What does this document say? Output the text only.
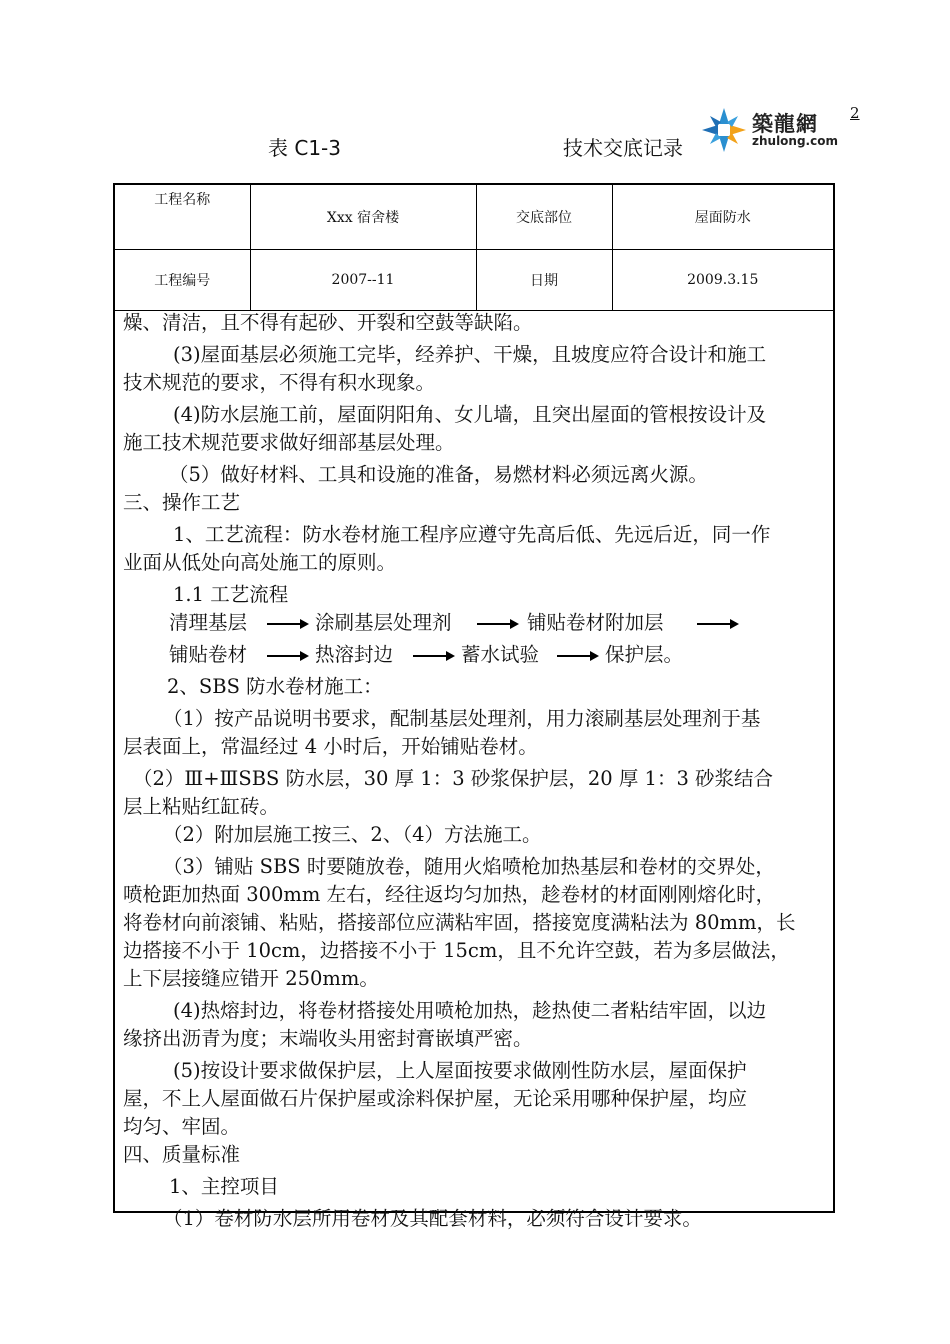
2
築龍網
zhulong.com
表 C1-3	技术交底记录
工程名称	Xxx 宿舍楼	交底部位	屋面防水
工程编号	2007--11	日期	2009.3.15
燥、清洁，且不得有起砂、开裂和空鼓等缺陷。
(3)屋面基层必须施工完毕，经养护、干燥，且坡度应符合设计和施工
技术规范的要求，不得有积水现象。
(4)防水层施工前，屋面阴阳角、女儿墙，且突出屋面的管根按设计及
施工技术规范要求做好细部基层处理。
（5）做好材料、工具和设施的准备，易燃材料必须远离火源。
三、操作工艺
1、工艺流程：防水卷材施工程序应遵守先高后低、先远后近，同一作
业面从低处向高处施工的原则。
1.1 工艺流程
清理基层	涂刷基层处理剂	铺贴卷材附加层
铺贴卷材	热溶封边	蓄水试验	保护层。
2、SBS 防水卷材施工：
（1）按产品说明书要求，配制基层处理剂，用力滚刷基层处理剂于基
层表面上，常温经过 4 小时后，开始铺贴卷材。
（2）Ⅲ+ⅢSBS 防水层，30 厚 1：3 砂浆保护层，20 厚 1：3 砂浆结合
层上粘贴红缸砖。
（2）附加层施工按三、2、（4）方法施工。
（3）铺贴 SBS 时要随放卷，随用火焰喷枪加热基层和卷材的交界处，
喷枪距加热面 300mm 左右，经往返均匀加热，趁卷材的材面刚刚熔化时，
将卷材向前滚铺、粘贴，搭接部位应满粘牢固，搭接宽度满粘法为 80mm，长
边搭接不小于 10cm，边搭接不小于 15cm，且不允许空鼓，若为多层做法，
上下层接缝应错开 250mm。
(4)热熔封边，将卷材搭接处用喷枪加热，趁热使二者粘结牢固，以边
缘挤出沥青为度；末端收头用密封膏嵌填严密。
(5)按设计要求做保护层，上人屋面按要求做刚性防水层，屋面保护
屋，不上人屋面做石片保护屋或涂料保护屋，无论采用哪种保护屋，均应
均匀、牢固。
四、质量标准
1、主控项目
（1）卷材防水层所用卷材及其配套材料，必须符合设计要求。
